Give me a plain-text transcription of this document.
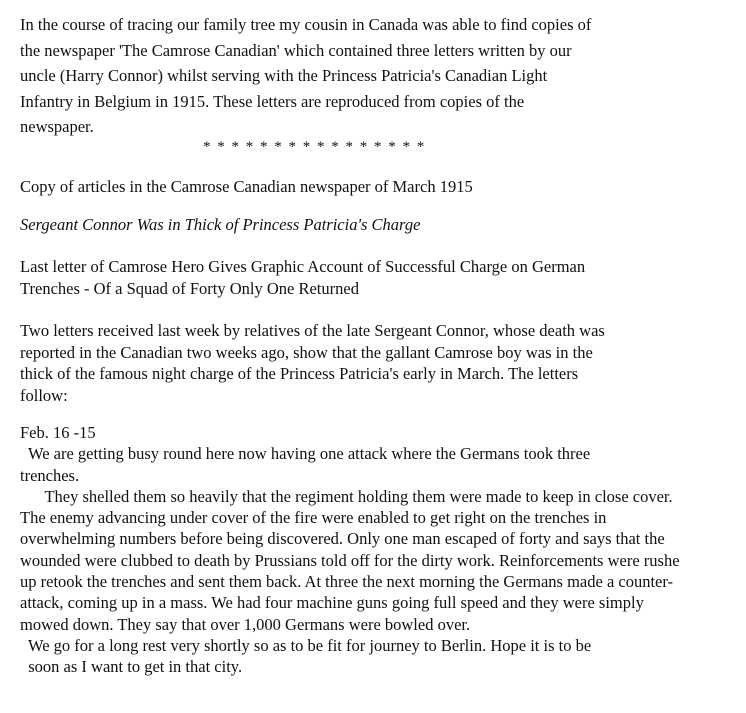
In the course of tracing our family tree my cousin in Canada was able to find copies of
the newspaper 'The Camrose Canadian' which contained three letters written by our
uncle (Harry Connor) whilst serving with the Princess Patricia's Canadian Light
Infantry in Belgium in 1915. These letters are reproduced from copies of the
newspaper.
* * * * * * * * * * * * * * * *
Copy of articles in the Camrose Canadian newspaper of March 1915
Sergeant Connor Was in Thick of Princess Patricia's Charge
Last letter of Camrose Hero Gives Graphic Account of Successful Charge on German
Trenches - Of a Squad of Forty Only One Returned
Two letters received last week by relatives of the late Sergeant Connor, whose death was
reported in the Canadian two weeks ago, show that the gallant Camrose boy was in the
thick of the famous night charge of the Princess Patricia's early in March. The letters
follow:
Feb. 16 -15
We are getting busy round here now having one attack where the Germans took three
trenches.
They shelled them so heavily that the regiment holding them were made to keep in close cover.
The enemy advancing under cover of the fire were enabled to get right on the trenches in
overwhelming numbers before being discovered. Only one man escaped of forty and says that the
wounded were clubbed to death by Prussians told off for the dirty work. Reinforcements were rushe
up retook the trenches and sent them back. At three the next morning the Germans made a counter-
attack, coming up in a mass. We had four machine guns going full speed and they were simply
mowed down. They say that over 1,000 Germans were bowled over.
We go for a long rest very shortly so as to be fit for journey to Berlin. Hope it is to be
soon as I want to get in that city.
